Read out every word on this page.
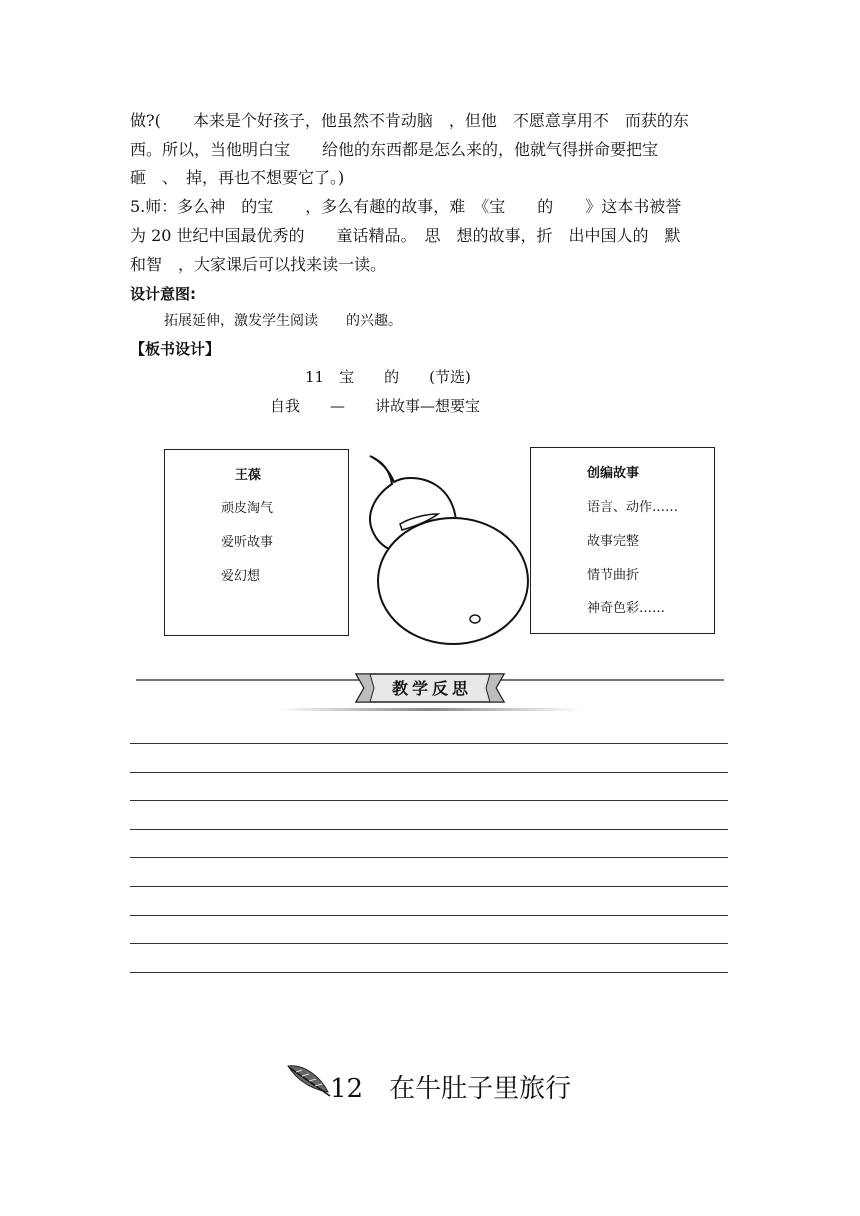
做?(　　本来是个好孩子，他虽然不肯动脑　，但他　不愿意享用不　而获的东
西。所以，当他明白宝　　给他的东西都是怎么来的，他就气得拼命要把宝
砸　、　掉，再也不想要它了。)
5.师：多么神　的宝　　，多么有趣的故事，难　《宝　　的　　》这本书被誉
为 20 世纪中国最优秀的　　童话精品。　思　想的故事，折　出中国人的　默
和智　，大家课后可以找来读一读。
设计意图:
拓展延伸，激发学生阅读　　的兴趣。
【板书设计】
11　宝　　的　　(节选)
自我　　—　　讲故事—想要宝
王葆
顽皮淘气
爱听故事
爱幻想
创编故事
语言、动作……
故事完整
情节曲折
神奇色彩……
教学反思
12　在牛肚子里旅行
